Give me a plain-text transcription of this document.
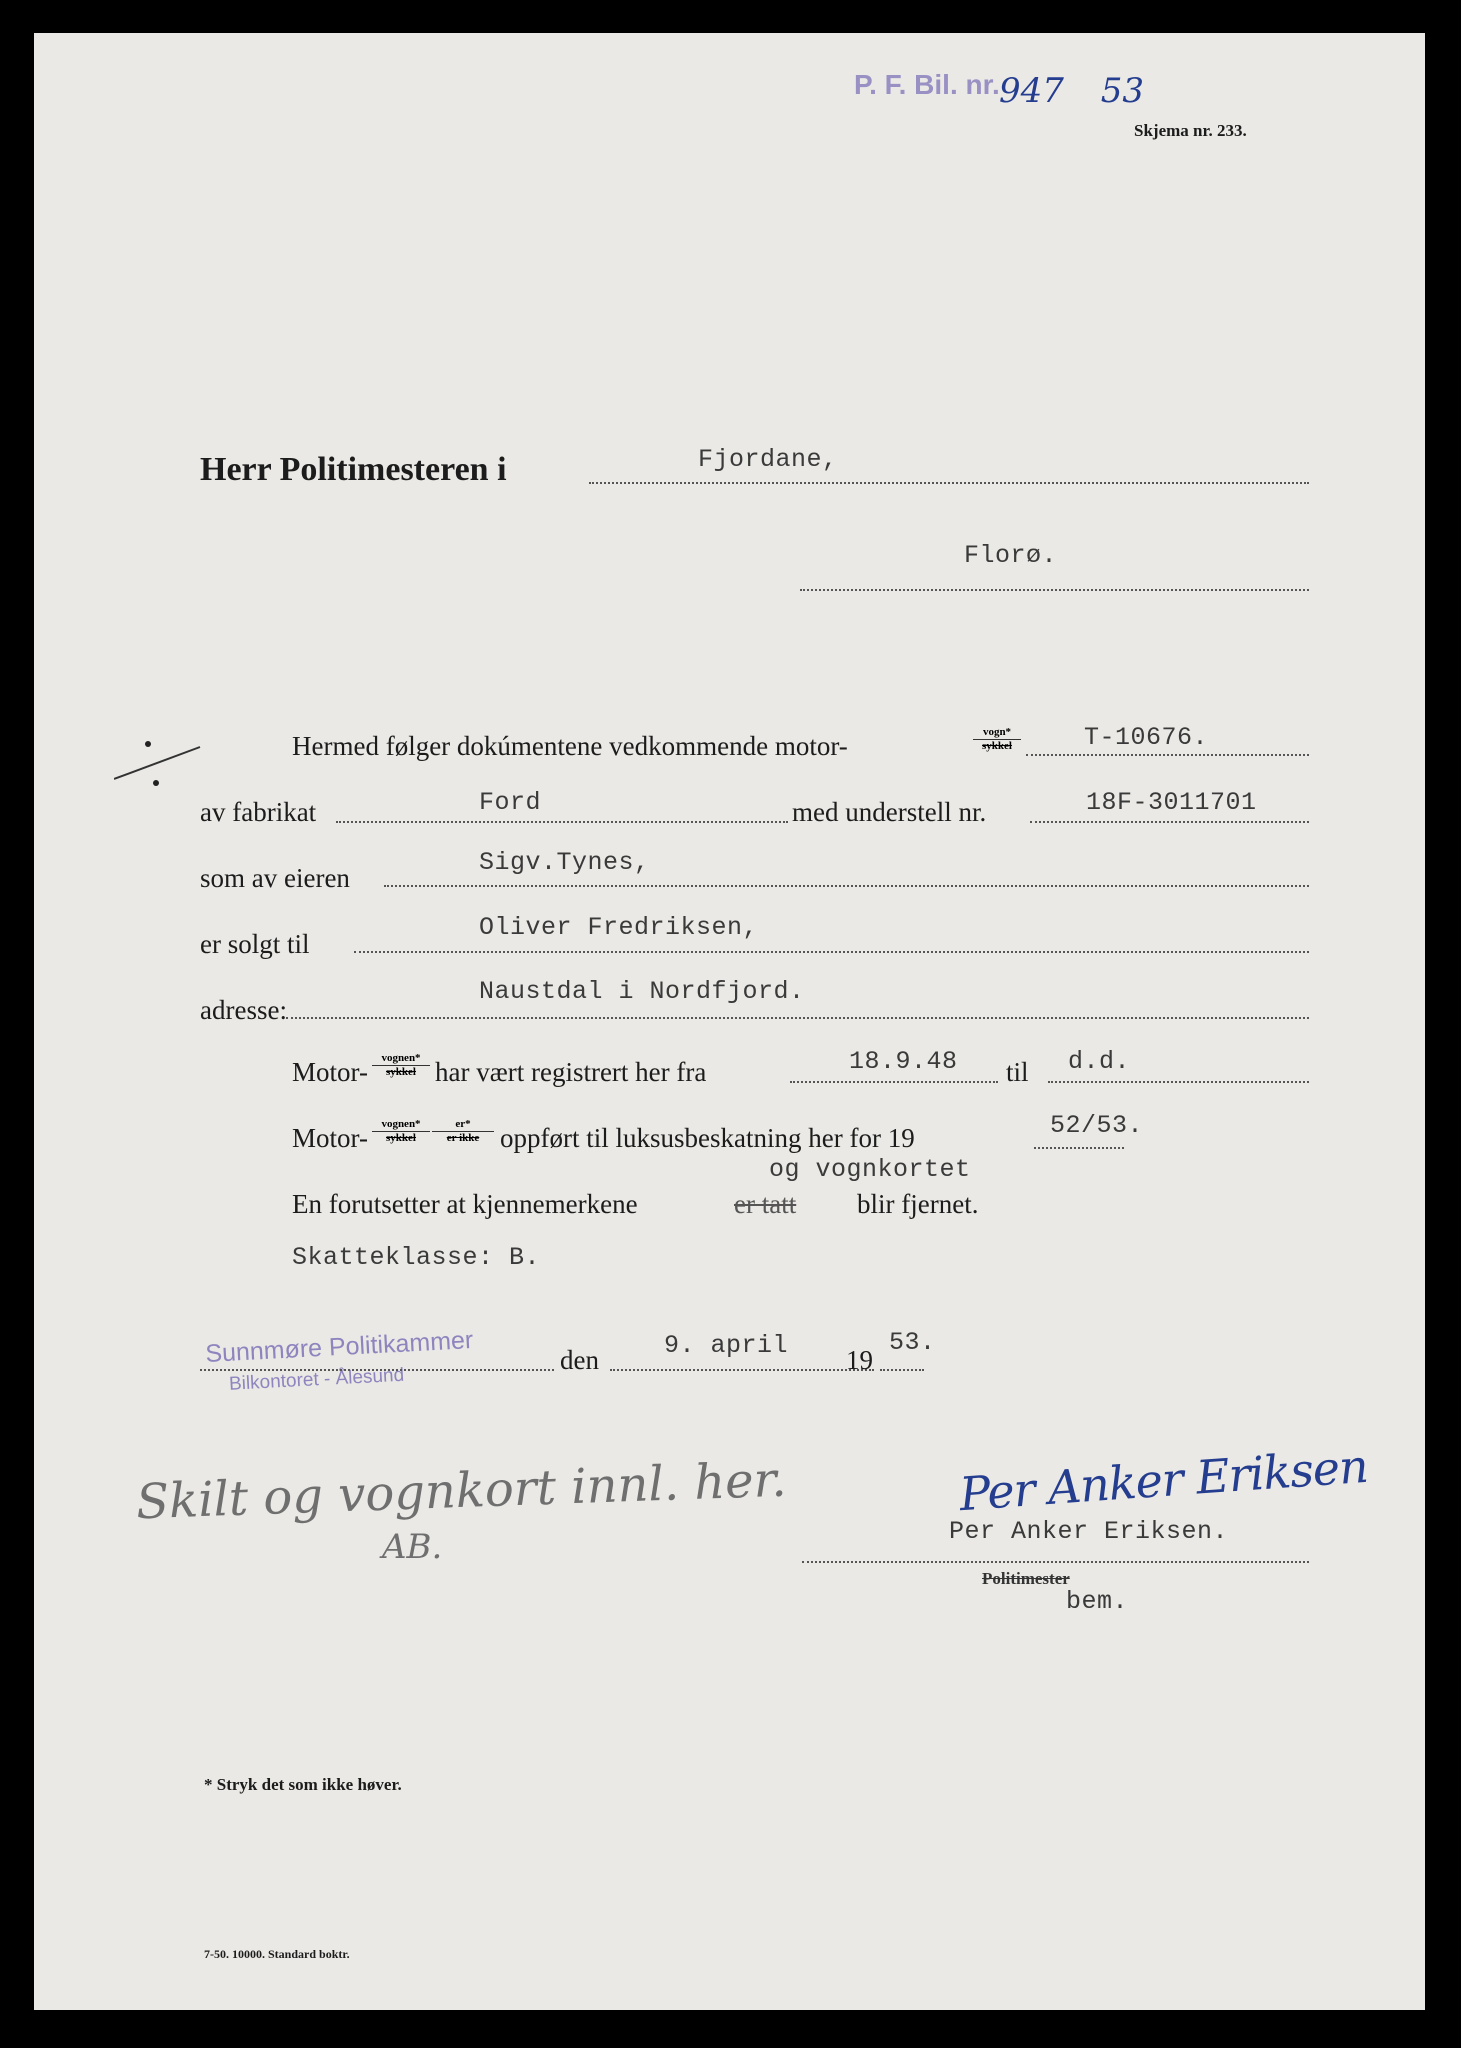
P. F. Bil. nr. 947 53
Skjema nr. 233.
Herr Politimesteren i	Fjordane,
Florø.
Hermed følger dokúmentene vedkommende motor-	vogn*
sykkel	T-10676.
av fabrikat	Ford	med understell nr.	18F-3011701
som av eieren
Sigv.Tynes,
er solgt til
Oliver Fredriksen,
adresse:
Naustdal i Nordfjord.
Motor-	vognen*
sykkel har vært registrert her fra	18.9.48 til d.d.
Motor-	vognen*
sykkel
er*
er ikke oppført til luksusbeskatning her for 19	52/53.
og vognkortet
En forutsetter at kjennemerkene	er tatt blir fjernet.
Skatteklasse: B.
Sunnmøre Politikammer
Bilkontoret - Ålesund
den	9. april 19
53.
Skilt og vognkort innl. her.
AB.
Per Anker Eriksen
Per Anker Eriksen.
Politimester
bem.
* Stryk det som ikke høver.
7-50. 10000. Standard boktr.
